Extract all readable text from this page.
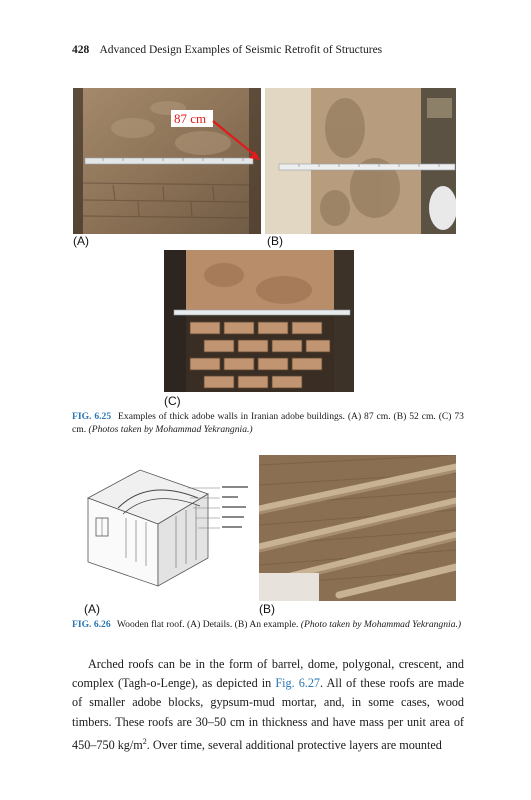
428 Advanced Design Examples of Seismic Retrofit of Structures
87 cm
(A)	(B)
(C)
FIG. 6.25 Examples of thick adobe walls in Iranian adobe buildings. (A) 87 cm. (B) 52 cm. (C) 73 cm. (Photos taken by Mohammad Yekrangnia.)
(A)	(B)
FIG. 6.26 Wooden flat roof. (A) Details. (B) An example. (Photo taken by Mohammad Yekrangnia.)
Arched roofs can be in the form of barrel, dome, polygonal, crescent, and complex (Tagh-o-Lenge), as depicted in Fig. 6.27. All of these roofs are made of smaller adobe blocks, gypsum-mud mortar, and, in some cases, wood timbers. These roofs are 30–50 cm in thickness and have mass per unit area of 450–750 $kg/m^2$. Over time, several additional protective layers are mounted
